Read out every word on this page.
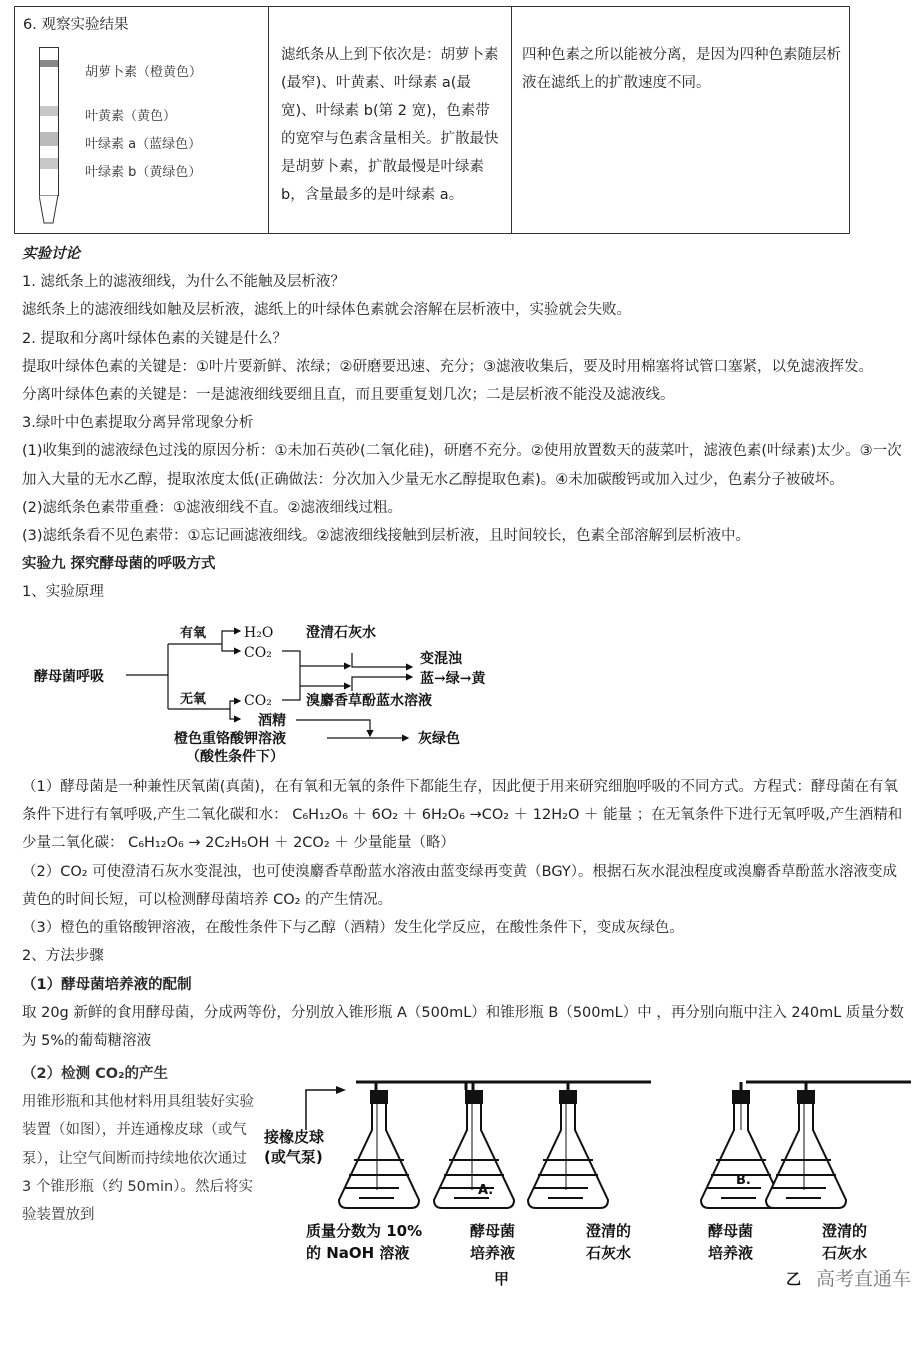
6. 观察实验结果
胡萝卜素（橙黄色）
叶黄素（黄色）
叶绿素 a（蓝绿色）
叶绿素 b（黄绿色）
滤纸条从上到下依次是：胡萝卜素(最窄)、叶黄素、叶绿素 a(最宽)、叶绿素 b(第 2 宽)，色素带的宽窄与色素含量相关。扩散最快是胡萝卜素，扩散最慢是叶绿素 b，含量最多的是叶绿素 a。
四种色素之所以能被分离，是因为四种色素随层析液在滤纸上的扩散速度不同。

实验讨论

1. 滤纸条上的滤液细线，为什么不能触及层析液？

滤纸条上的滤液细线如触及层析液，滤纸上的叶绿体色素就会溶解在层析液中，实验就会失败。

2. 提取和分离叶绿体色素的关键是什么？

提取叶绿体色素的关键是：①叶片要新鲜、浓绿；②研磨要迅速、充分；③滤液收集后，要及时用棉塞将试管口塞紧，以免滤液挥发。

分离叶绿体色素的关键是：一是滤液细线要细且直，而且要重复划几次；二是层析液不能没及滤液线。

3.绿叶中色素提取分离异常现象分析

(1)收集到的滤液绿色过浅的原因分析：①未加石英砂(二氧化硅)，研磨不充分。②使用放置数天的菠菜叶，滤液色素(叶绿素)太少。③一次加入大量的无水乙醇，提取浓度太低(正确做法：分次加入少量无水乙醇提取色素)。④未加碳酸钙或加入过少，色素分子被破坏。

(2)滤纸条色素带重叠：①滤液细线不直。②滤液细线过粗。

(3)滤纸条看不见色素带：①忘记画滤液细线。②滤液细线接触到层析液，且时间较长，色素全部溶解到层析液中。

实验九 探究酵母菌的呼吸方式

1、实验原理

酵母菌呼吸
有氧
无氧
H₂O
CO₂
CO₂
酒精
澄清石灰水
变混浊
蓝→绿→黄
溴麝香草酚蓝水溶液
橙色重铬酸钾溶液
（酸性条件下）
灰绿色

（1）酵母菌是一种兼性厌氧菌(真菌)，在有氧和无氧的条件下都能生存，因此便于用来研究细胞呼吸的不同方式。方程式：酵母菌在有氧条件下进行有氧呼吸,产生二氧化碳和水： C₆H₁₂O₆ ＋ 6O₂ ＋ 6H₂O₆ →CO₂ ＋ 12H₂O ＋ 能量 ；在无氧条件下进行无氧呼吸,产生酒精和少量二氧化碳： C₆H₁₂O₆ → 2C₂H₅OH ＋ 2CO₂ ＋ 少量能量（略）

（2）CO₂ 可使澄清石灰水变混浊，也可使溴麝香草酚蓝水溶液由蓝变绿再变黄（BGY）。根据石灰水混浊程度或溴麝香草酚蓝水溶液变成黄色的时间长短，可以检测酵母菌培养 CO₂ 的产生情况。

（3）橙色的重铬酸钾溶液，在酸性条件下与乙醇（酒精）发生化学反应，在酸性条件下，变成灰绿色。

2、方法步骤

（1）酵母菌培养液的配制

取 20g 新鲜的食用酵母菌，分成两等份，分别放入锥形瓶 A（500mL）和锥形瓶 B（500mL）中 ，再分别向瓶中注入 240mL 质量分数为 5%的葡萄糖溶液

（2）检测 CO₂的产生

用锥形瓶和其他材料用具组装好实验装置（如图），并连通橡皮球（或气泵），让空气间断而持续地依次通过 3 个锥形瓶（约 50min）。然后将实验装置放到

接橡皮球
(或气泵)
A.
B.
质量分数为 10%
的 NaOH 溶液
酵母菌
培养液
澄清的
石灰水
酵母菌
培养液
澄清的
石灰水
甲	乙 高考直通车
